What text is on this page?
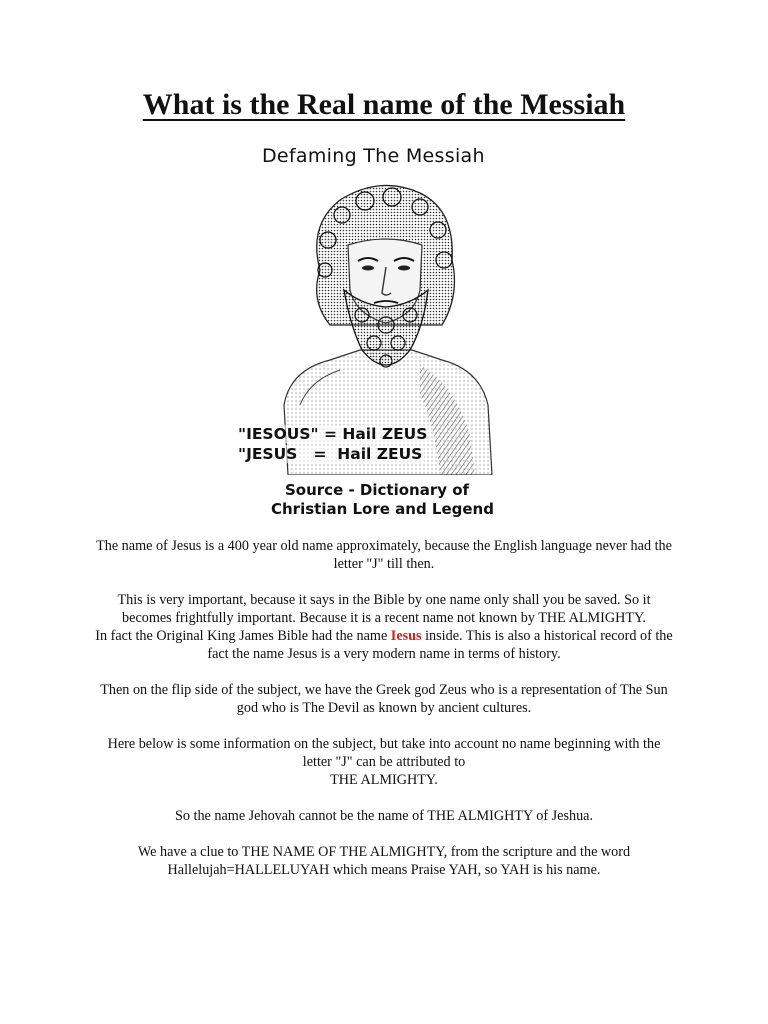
What is the Real name of the Messiah
Defaming The Messiah
"IESOUS" = Hail ZEUS
"JESUS   =  Hail ZEUS
Source - Dictionary of
Christian Lore and Legend

The name of Jesus is a 400 year old name approximately, because the English language never had the letter "J" till then.

This is very important, because it says in the Bible by one name only shall you be saved. So it becomes frightfully important. Because it is a recent name not known by THE ALMIGHTY.

In fact the Original King James Bible had the name Iesus inside. This is also a historical record of the fact the name Jesus is a very modern name in terms of history.

Then on the flip side of the subject, we have the Greek god Zeus who is a representation of The Sun god who is The Devil as known by ancient cultures.

Here below is some information on the subject, but take into account no name beginning with the letter "J" can be attributed to
THE ALMIGHTY.

So the name Jehovah cannot be the name of THE ALMIGHTY of Jeshua.

We have a clue to THE NAME OF THE ALMIGHTY, from the scripture and the word Hallelujah=HALLELUYAH which means Praise YAH, so YAH is his name.
